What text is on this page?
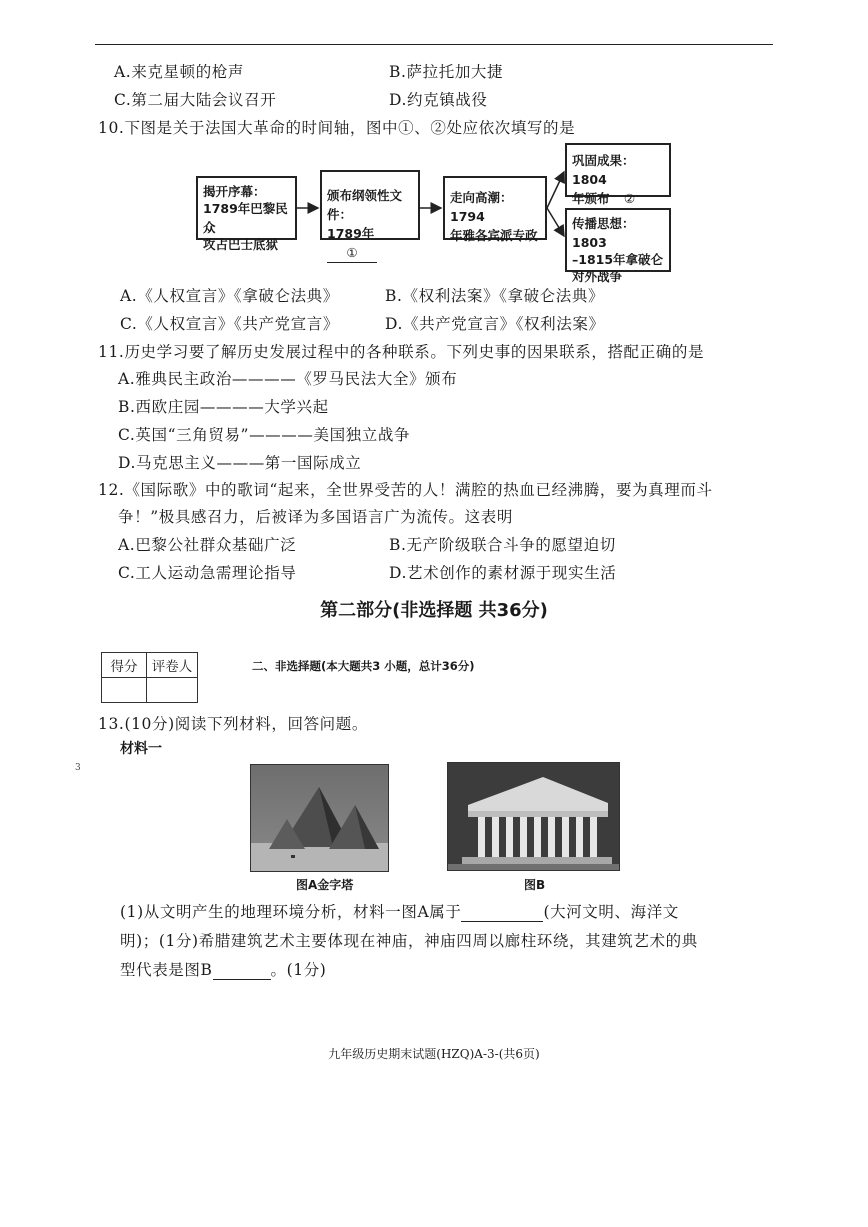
A.来克星顿的枪声	B.萨拉托加大捷
C.第二届大陆会议召开	D.约克镇战役
10.下图是关于法国大革命的时间轴，图中①、②处应依次填写的是
揭开序幕：
1789年巴黎民众
攻占巴士底狱
颁布纲领性文件：
1789年①
走向高潮：1794
年雅各宾派专政
巩固成果：1804
年颁布 ②
传播思想：1803
–1815年拿破仑
对外战争
A.《人权宣言》《拿破仑法典》	B.《权利法案》《拿破仑法典》
C.《人权宣言》《共产党宣言》	D.《共产党宣言》《权利法案》
11.历史学习要了解历史发展过程中的各种联系。下列史事的因果联系，搭配正确的是
A.雅典民主政治————《罗马民法大全》颁布
B.西欧庄园————大学兴起
C.英国“三角贸易”————美国独立战争
D.马克思主义———第一国际成立
12.《国际歌》中的歌词“起来，全世界受苦的人！满腔的热血已经沸腾，要为真理而斗
争！”极具感召力，后被译为多国语言广为流传。这表明
A.巴黎公社群众基础广泛	B.无产阶级联合斗争的愿望迫切
C.工人运动急需理论指导	D.艺术创作的素材源于现实生活
第二部分(非选择题 共36分)
得分	评卷人
		二、非选择题(本大题共3 小题，总计36分)
13.(10分)阅读下列材料，回答问题。
材料一
3
图A金字塔	图B
(1)从文明产生的地理环境分析，材料一图A属于	(大河文明、海洋文
明)；(1分)希腊建筑艺术主要体现在神庙，神庙四周以廊柱环绕，其建筑艺术的典
型代表是图B	。(1分)
九年级历史期末试题(HZQ)A-3-(共6页)
